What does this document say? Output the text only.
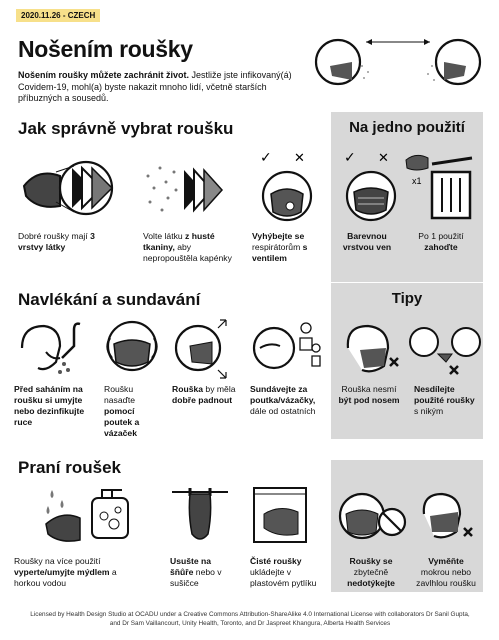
2020.11.26 - CZECH
Nošením roušky
Nošením roušky můžete zachránit život. Jestliže jste infikovaný(á) Covidem-19, mohl(a) byste nakazit mnoho lidí, včetně starších příbuzných a sousedů.
Jak správně vybrat roušku	Na jedno použití
✓ ✕	✓ ✕
x1
Dobré roušky mají 3 vrstvy látky
Volte látku z husté tkaniny, aby nepropouštěla kapénky
Vyhýbejte se respirátorům s ventilem
Barevnou vrstvou ven
Po 1 použití zahoďte
Navlékání a sundavání	Tipy
Před saháním na roušku si umyjte nebo dezinfikujte ruce
Roušku nasaďte pomocí poutek a vázaček
Rouška by měla dobře padnout
Sundávejte za poutka/vázačky, dále od ostatních
Rouška nesmí být pod nosem
Nesdílejte použité roušky s nikým
Praní roušek
Roušky na více použití vyperte/umyjte mýdlem a horkou vodou
Usušte na šňůře nebo v sušičce
Čisté roušky ukládejte v plastovém pytlíku
Roušky se zbytečně nedotýkejte
Vyměňte mokrou nebo zavlhlou roušku
Licensed by Health Design Studio at OCADU under a Creative Commons Attribution-ShareAlike 4.0 International License with collaborators Dr Sanil Gupta, and Dr Sam Vaillancourt, Unity Health, Toronto, and Dr Jaspreet Khangura, Alberta Health Services
